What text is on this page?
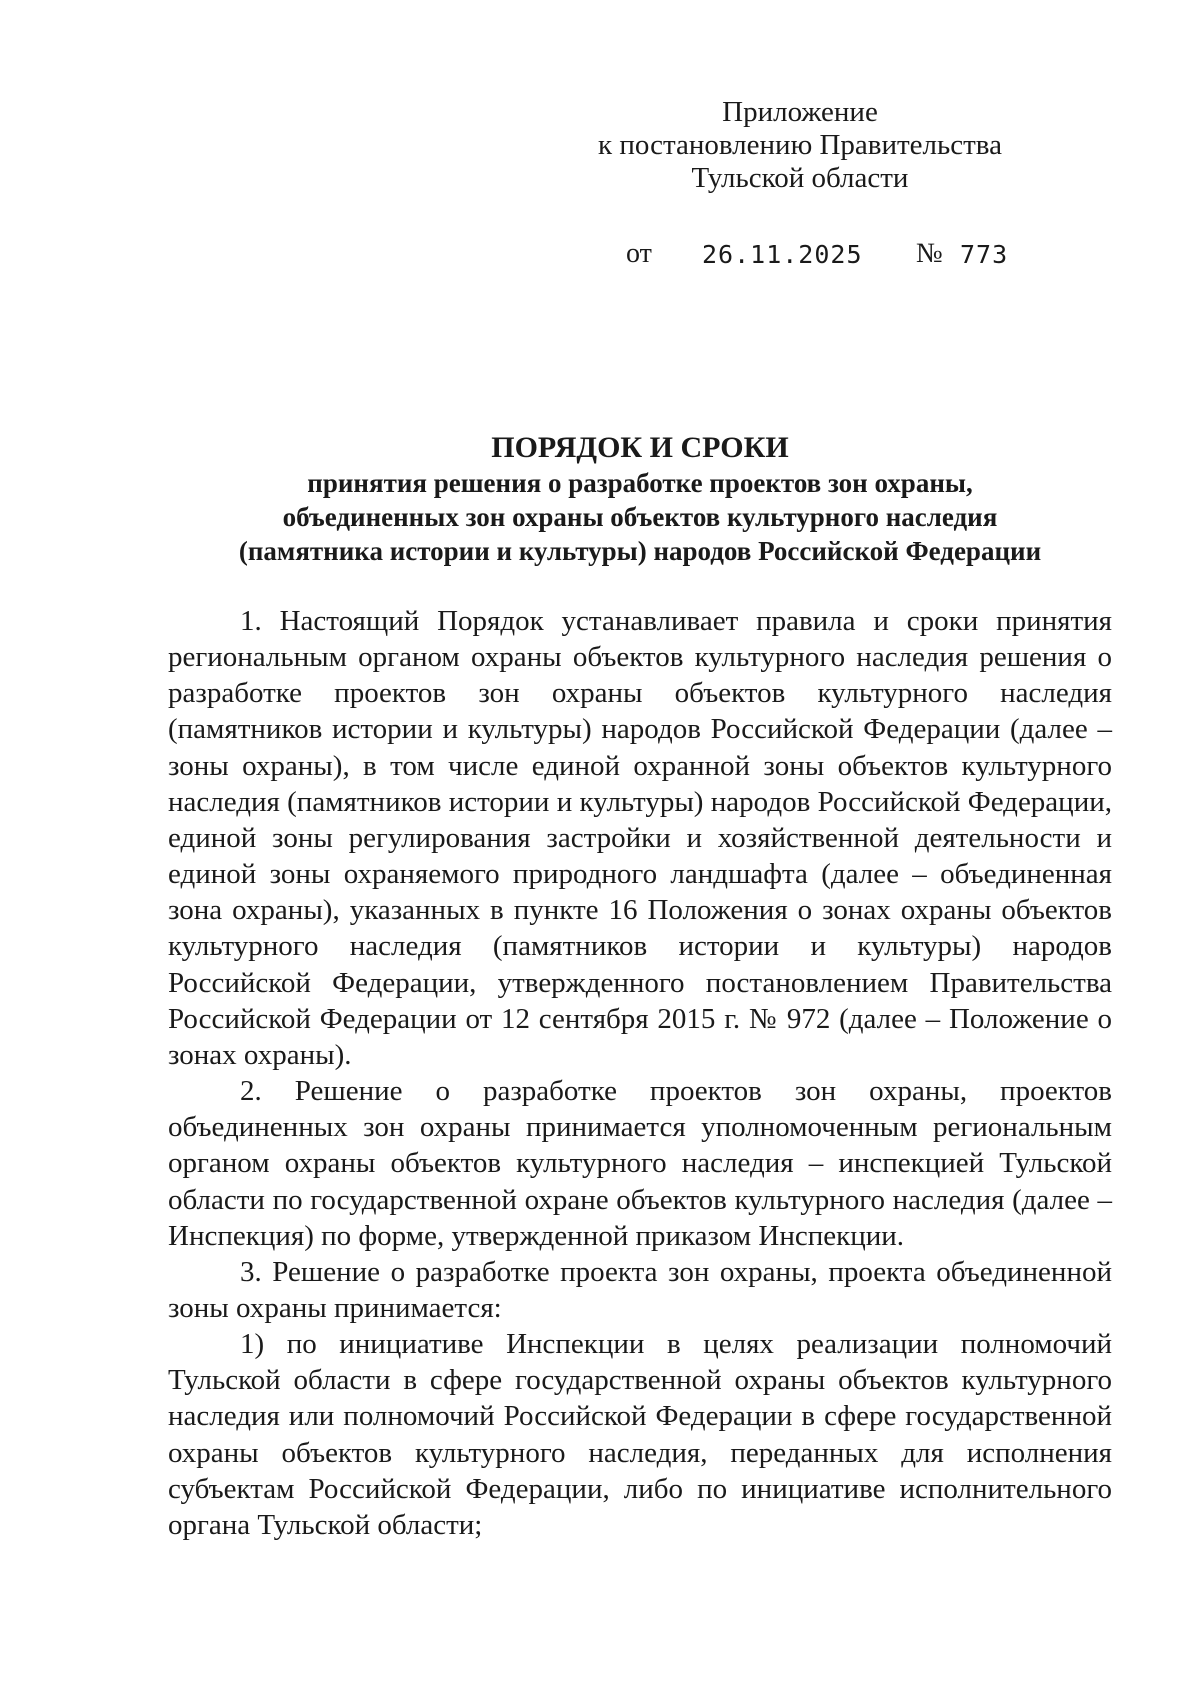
Приложение
к постановлению Правительства
Тульской области
от 26.11.2025 № 773
ПОРЯДОК И СРОКИ
принятия решения о разработке проектов зон охраны,
объединенных зон охраны объектов культурного наследия
(памятника истории и культуры) народов Российской Федерации

1. Настоящий Порядок устанавливает правила и сроки принятия региональным органом охраны объектов культурного наследия решения о разработке проектов зон охраны объектов культурного наследия (памятников истории и культуры) народов Российской Федерации (далее – зоны охраны), в том числе единой охранной зоны объектов культурного наследия (памятников истории и культуры) народов Российской Федерации, единой зоны регулирования застройки и хозяйственной деятельности и единой зоны охраняемого природного ландшафта (далее – объединенная зона охраны), указанных в пункте 16 Положения о зонах охраны объектов культурного наследия (памятников истории и культуры) народов Российской Федерации, утвержденного постановлением Правительства Российской Федерации от 12 сентября 2015 г. № 972 (далее – Положение о зонах охраны).

2. Решение о разработке проектов зон охраны, проектов объединенных зон охраны принимается уполномоченным региональным органом охраны объектов культурного наследия – инспекцией Тульской области по государственной охране объектов культурного наследия (далее – Инспекция) по форме, утвержденной приказом Инспекции.

3. Решение о разработке проекта зон охраны, проекта объединенной зоны охраны принимается:

1) по инициативе Инспекции в целях реализации полномочий Тульской области в сфере государственной охраны объектов культурного наследия или полномочий Российской Федерации в сфере государственной охраны объектов культурного наследия, переданных для исполнения субъектам Российской Федерации, либо по инициативе исполнительного органа Тульской области;
